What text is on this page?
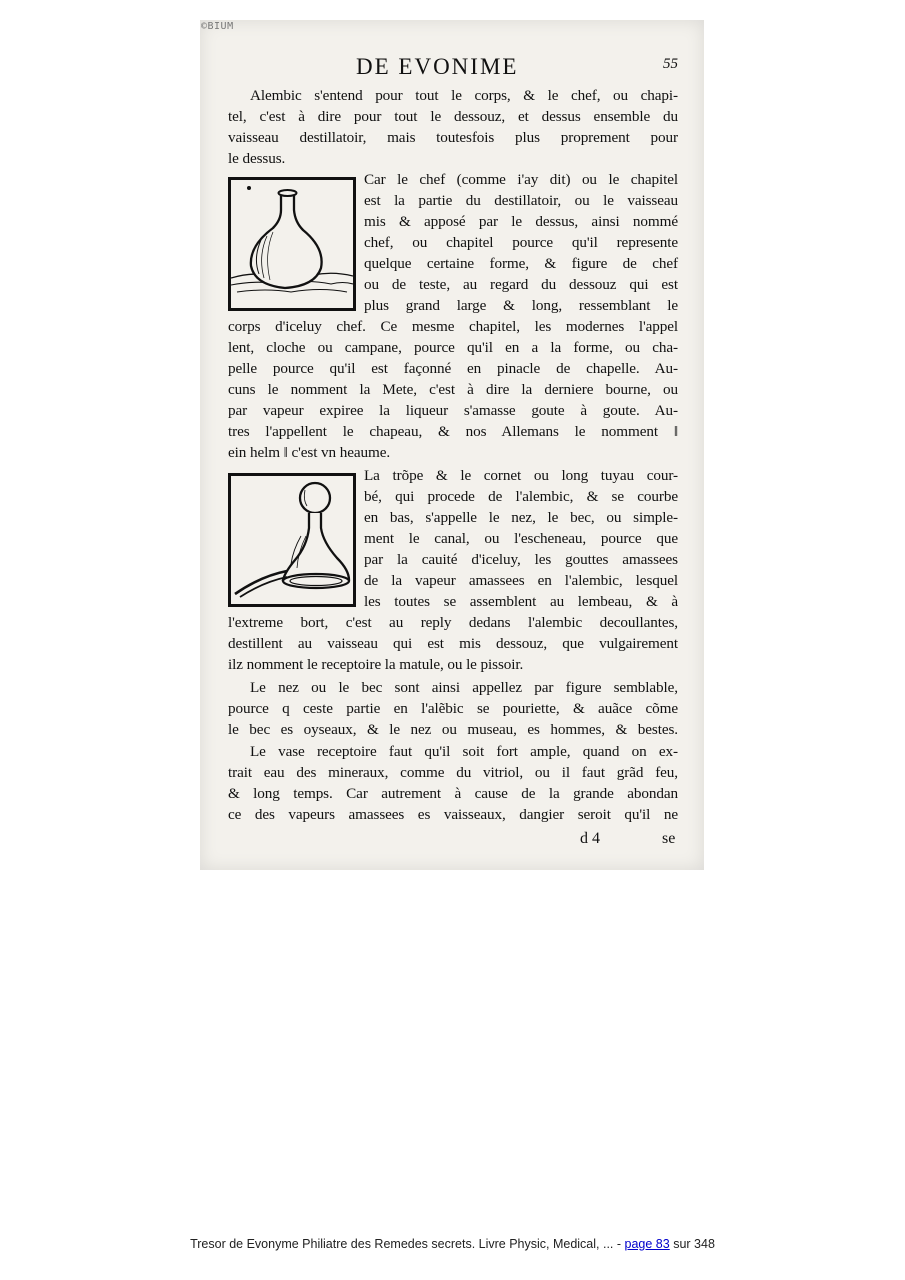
©BIUM
DE EVONIME	55
Alembic s'entend pour tout le corps, & le chef, ou chapi-
tel, c'est à dire pour tout le dessouz, et dessus ensemble du
vaisseau destillatoir, mais toutesfois plus proprement pour
le dessus.
Car le chef (comme i'ay dit) ou le chapitel
est la partie du destillatoir, ou le vaisseau
mis & apposé par le dessus, ainsi nommé
chef, ou chapitel pource qu'il represente
quelque certaine forme, & figure de chef
ou de teste, au regard du dessouz qui est
plus grand large & long, ressemblant le
corps d'iceluy chef. Ce mesme chapitel, les modernes l'appel
lent, cloche ou campane, pource qu'il en a la forme, ou cha-
pelle pource qu'il est façonné en pinacle de chapelle. Au-
cuns le nomment la Mete, c'est à dire la derniere bourne, ou
par vapeur expiree la liqueur s'amasse goute à goute. Au-
tres l'appellent le chapeau, & nos Allemans le nomment ‖
ein helm ‖ c'est vn heaume.
La trõpe & le cornet ou long tuyau cour-
bé, qui procede de l'alembic, & se courbe
en bas, s'appelle le nez, le bec, ou simple-
ment le canal, ou l'escheneau, pource que
par la cauité d'iceluy, les gouttes amassees
de la vapeur amassees en l'alembic, lesquel
les toutes se assemblent au lembeau, & à
l'extreme bort, c'est au reply dedans l'alembic decoullantes,
destillent au vaisseau qui est mis dessouz, que vulgairement
ilz nomment le receptoire la matule, ou le pissoir.
Le nez ou le bec sont ainsi appellez par figure semblable,
pource q ceste partie en l'alẽbic se pouriette, & auãce cõme
le bec es oyseaux, & le nez ou museau, es hommes, & bestes.
Le vase receptoire faut qu'il soit fort ample, quand on ex-
trait eau des mineraux, comme du vitriol, ou il faut grãd feu,
& long temps. Car autrement à cause de la grande abondan
ce des vapeurs amassees es vaisseaux, dangier seroit qu'il ne
d 4	se
Tresor de Evonyme Philiatre des Remedes secrets. Livre Physic, Medical, ... - page 83 sur 348
